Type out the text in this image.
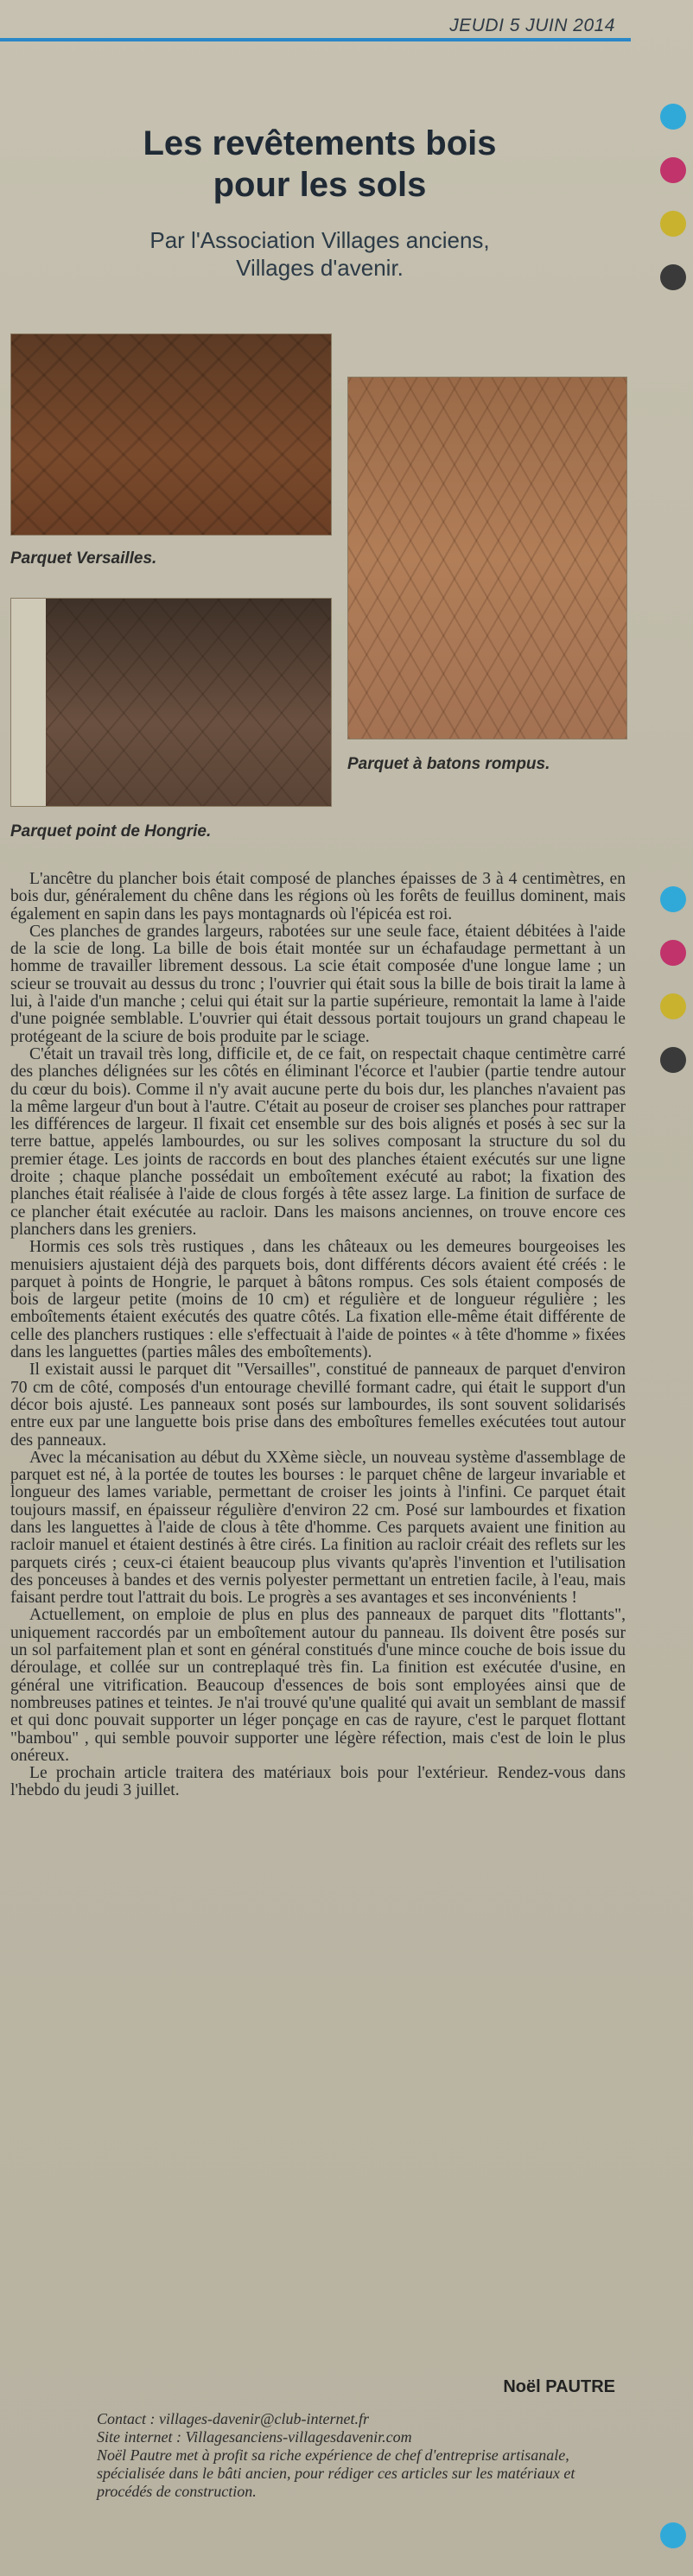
JEUDI 5 JUIN 2014
Les revêtements bois
pour les sols
Par l'Association Villages anciens,
Villages d'avenir.
Parquet Versailles.
Parquet à batons rompus.
Parquet point de Hongrie.

L'ancêtre du plancher bois était composé de planches épaisses de 3 à 4 centimètres, en bois dur, généralement du chêne dans les régions où les forêts de feuillus dominent, mais également en sapin dans les pays montagnards où l'épicéa est roi.

Ces planches de grandes largeurs, rabotées sur une seule face, étaient débitées à l'aide de la scie de long. La bille de bois était montée sur un échafaudage permettant à un homme de travailler librement dessous. La scie était composée d'une longue lame ; un scieur se trouvait au dessus du tronc ; l'ouvrier qui était sous la bille de bois tirait la lame à lui, à l'aide d'un manche ; celui qui était sur la partie supérieure, remontait la lame à l'aide d'une poignée semblable. L'ouvrier qui était dessous portait toujours un grand chapeau le protégeant de la sciure de bois produite par le sciage.

C'était un travail très long, difficile et, de ce fait, on respectait chaque centimètre carré des planches délignées sur les côtés en éliminant l'écorce et l'aubier (partie tendre autour du cœur du bois). Comme il n'y avait aucune perte du bois dur, les planches n'avaient pas la même largeur d'un bout à l'autre. C'était au poseur de croiser ses planches pour rattraper les différences de largeur. Il fixait cet ensemble sur des bois alignés et posés à sec sur la terre battue, appelés lambourdes, ou sur les solives composant la structure du sol du premier étage. Les joints de raccords en bout des planches étaient exécutés sur une ligne droite ; chaque planche possédait un emboîtement exécuté au rabot; la fixation des planches était réalisée à l'aide de clous forgés à tête assez large. La finition de surface de ce plancher était exécutée au racloir. Dans les maisons anciennes, on trouve encore ces planchers dans les greniers.

Hormis ces sols très rustiques , dans les châteaux ou les demeures bourgeoises les menuisiers ajustaient déjà des parquets bois, dont différents décors avaient été créés : le parquet à points de Hongrie, le parquet à bâtons rompus. Ces sols étaient composés de bois de largeur petite (moins de 10 cm) et régulière et de longueur régulière ; les emboîtements étaient exécutés des quatre côtés. La fixation elle-même était différente de celle des planchers rustiques : elle s'effectuait à l'aide de pointes « à tête d'homme » fixées dans les languettes (parties mâles des emboîtements).

Il existait aussi le parquet dit "Versailles", constitué de panneaux de parquet d'environ 70 cm de côté, composés d'un entourage chevillé formant cadre, qui était le support d'un décor bois ajusté. Les panneaux sont posés sur lambourdes, ils sont souvent solidarisés entre eux par une languette bois prise dans des emboîtures femelles exécutées tout autour des panneaux.

Avec la mécanisation au début du XXème siècle, un nouveau système d'assemblage de parquet est né, à la portée de toutes les bourses : le parquet chêne de largeur invariable et longueur des lames variable, permettant de croiser les joints à l'infini. Ce parquet était toujours massif, en épaisseur régulière d'environ 22 cm. Posé sur lambourdes et fixation dans les languettes à l'aide de clous à tête d'homme. Ces parquets avaient une finition au racloir manuel et étaient destinés à être cirés. La finition au racloir créait des reflets sur les parquets cirés ; ceux-ci étaient beaucoup plus vivants qu'après l'invention et l'utilisation des ponceuses à bandes et des vernis polyester permettant un entretien facile, à l'eau, mais faisant perdre tout l'attrait du bois. Le progrès a ses avantages et ses inconvénients !

Actuellement, on emploie de plus en plus des panneaux de parquet dits "flottants", uniquement raccordés par un emboîtement autour du panneau. Ils doivent être posés sur un sol parfaitement plan et sont en général constitués d'une mince couche de bois issue du déroulage, et collée sur un contreplaqué très fin. La finition est exécutée d'usine, en général une vitrification. Beaucoup d'essences de bois sont employées ainsi que de nombreuses patines et teintes. Je n'ai trouvé qu'une qualité qui avait un semblant de massif et qui donc pouvait supporter un léger ponçage en cas de rayure, c'est le parquet flottant "bambou" , qui semble pouvoir supporter une légère réfection, mais c'est de loin le plus onéreux.

Le prochain article traitera des matériaux bois pour l'extérieur. Rendez-vous dans l'hebdo du jeudi 3 juillet.

Noël PAUTRE

Contact : villages-davenir@club-internet.fr

Site internet : Villagesanciens-villagesdavenir.com

Noël Pautre met à profit sa riche expérience de chef d'entreprise artisanale, spécialisée dans le bâti ancien, pour rédiger ces articles sur les matériaux et procédés de construction.
